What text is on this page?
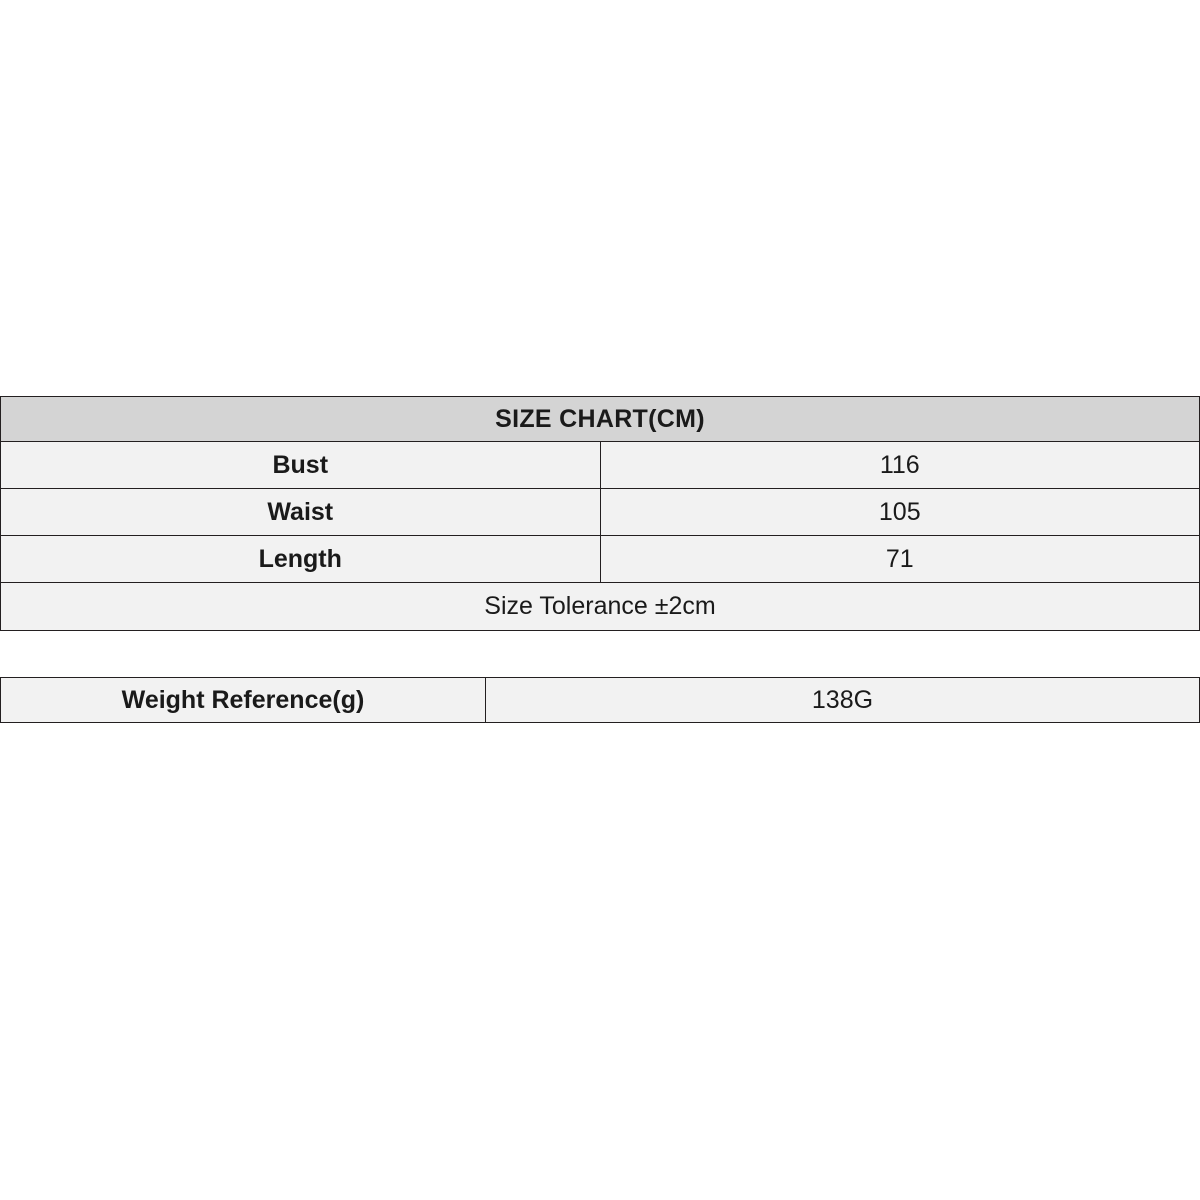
SIZE CHART(CM)	
Bust	116
Waist	105
Length	71
Size Tolerance ±2cm	
Weight Reference(g)	138G
